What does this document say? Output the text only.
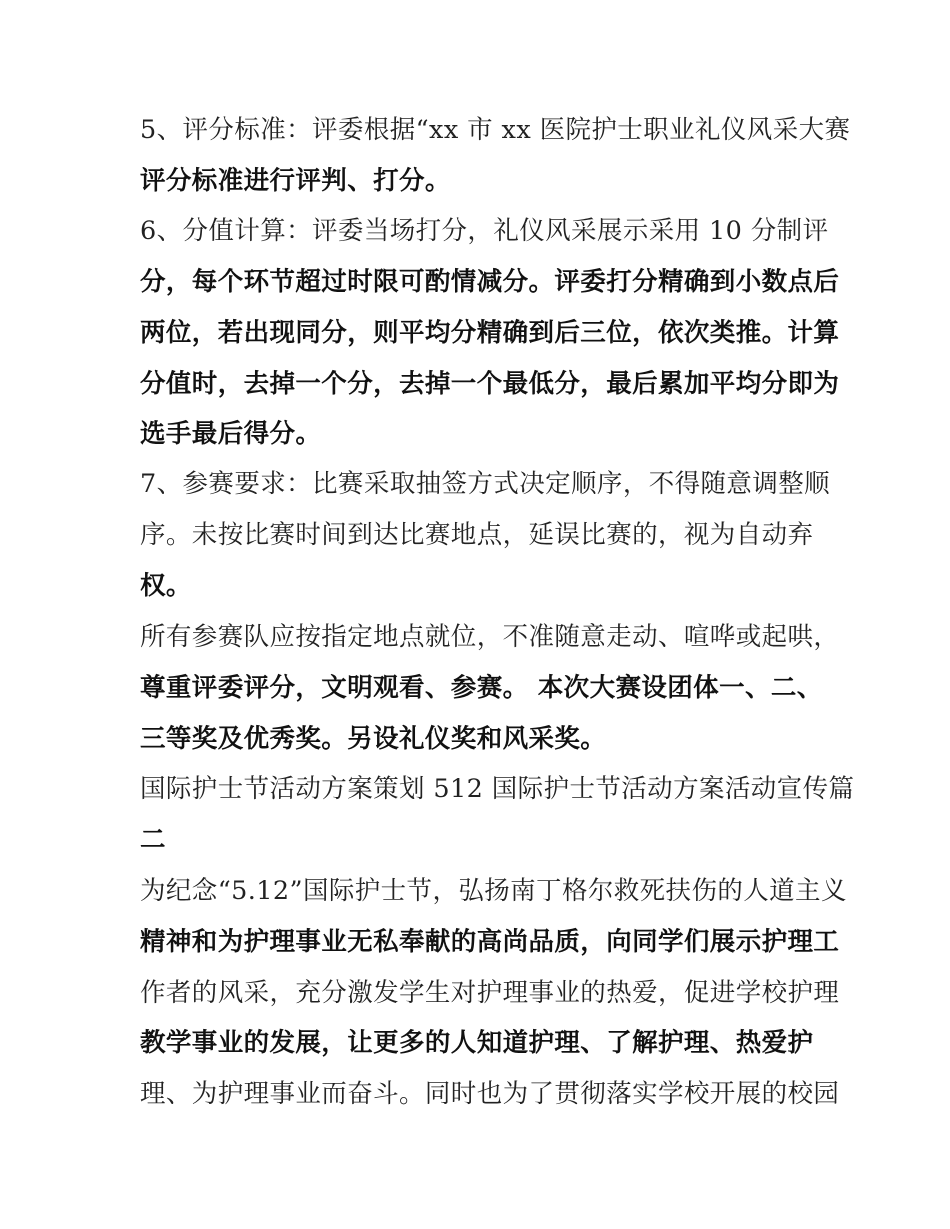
5、评分标准：评委根据“xx 市 xx 医院护士职业礼仪风采大赛

评分标准进行评判、打分。

6、分值计算：评委当场打分，礼仪风采展示采用 10 分制评

分，每个环节超过时限可酌情减分。评委打分精确到小数点后

两位，若出现同分，则平均分精确到后三位，依次类推。计算

分值时，去掉一个分，去掉一个最低分，最后累加平均分即为

选手最后得分。

7、参赛要求：比赛采取抽签方式决定顺序，不得随意调整顺

序。未按比赛时间到达比赛地点，延误比赛的，视为自动弃

权。

所有参赛队应按指定地点就位，不准随意走动、喧哗或起哄，

尊重评委评分，文明观看、参赛。 本次大赛设团体一、二、

三等奖及优秀奖。另设礼仪奖和风采奖。

国际护士节活动方案策划 512 国际护士节活动方案活动宣传篇

二

为纪念“5.12”国际护士节，弘扬南丁格尔救死扶伤的人道主义

精神和为护理事业无私奉献的高尚品质，向同学们展示护理工

作者的风采，充分激发学生对护理事业的热爱，促进学校护理

教学事业的发展，让更多的人知道护理、了解护理、热爱护

理、为护理事业而奋斗。同时也为了贯彻落实学校开展的校园
